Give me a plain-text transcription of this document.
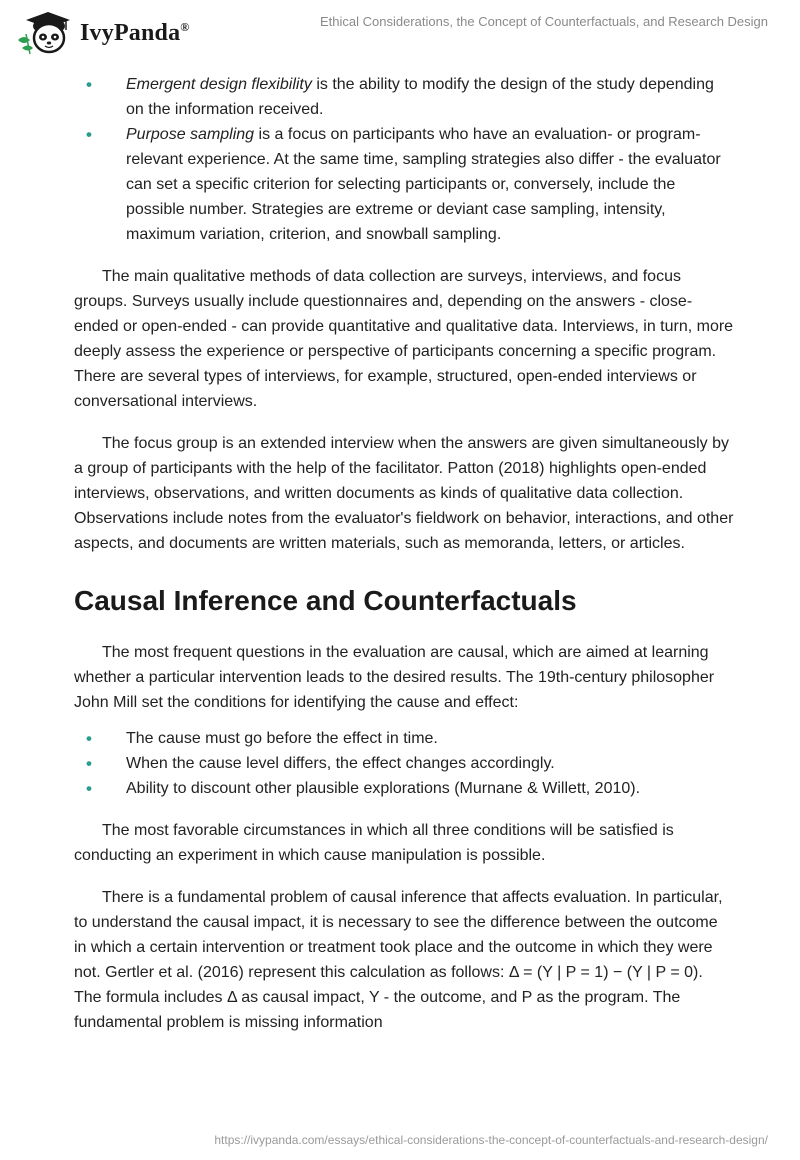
IvyPanda®	Ethical Considerations, the Concept of Counterfactuals, and Research Design
• Emergent design flexibility is the ability to modify the design of the study depending on the information received.
• Purpose sampling is a focus on participants who have an evaluation- or program-relevant experience. At the same time, sampling strategies also differ - the evaluator can set a specific criterion for selecting participants or, conversely, include the possible number. Strategies are extreme or deviant case sampling, intensity, maximum variation, criterion, and snowball sampling.

The main qualitative methods of data collection are surveys, interviews, and focus groups. Surveys usually include questionnaires and, depending on the answers - close-ended or open-ended - can provide quantitative and qualitative data. Interviews, in turn, more deeply assess the experience or perspective of participants concerning a specific program. There are several types of interviews, for example, structured, open-ended interviews or conversational interviews.

The focus group is an extended interview when the answers are given simultaneously by a group of participants with the help of the facilitator. Patton (2018) highlights open-ended interviews, observations, and written documents as kinds of qualitative data collection. Observations include notes from the evaluator's fieldwork on behavior, interactions, and other aspects, and documents are written materials, such as memoranda, letters, or articles.

Causal Inference and Counterfactuals

The most frequent questions in the evaluation are causal, which are aimed at learning whether a particular intervention leads to the desired results. The 19th-century philosopher John Mill set the conditions for identifying the cause and effect:

• The cause must go before the effect in time.
• When the cause level differs, the effect changes accordingly.
• Ability to discount other plausible explorations (Murnane & Willett, 2010).

The most favorable circumstances in which all three conditions will be satisfied is conducting an experiment in which cause manipulation is possible.

There is a fundamental problem of causal inference that affects evaluation. In particular, to understand the causal impact, it is necessary to see the difference between the outcome in which a certain intervention or treatment took place and the outcome in which they were not. Gertler et al. (2016) represent this calculation as follows: Δ = (Y | P = 1) − (Y | P = 0). The formula includes Δ as causal impact, Y - the outcome, and P as the program. The fundamental problem is missing information

https://ivypanda.com/essays/ethical-considerations-the-concept-of-counterfactuals-and-research-design/
